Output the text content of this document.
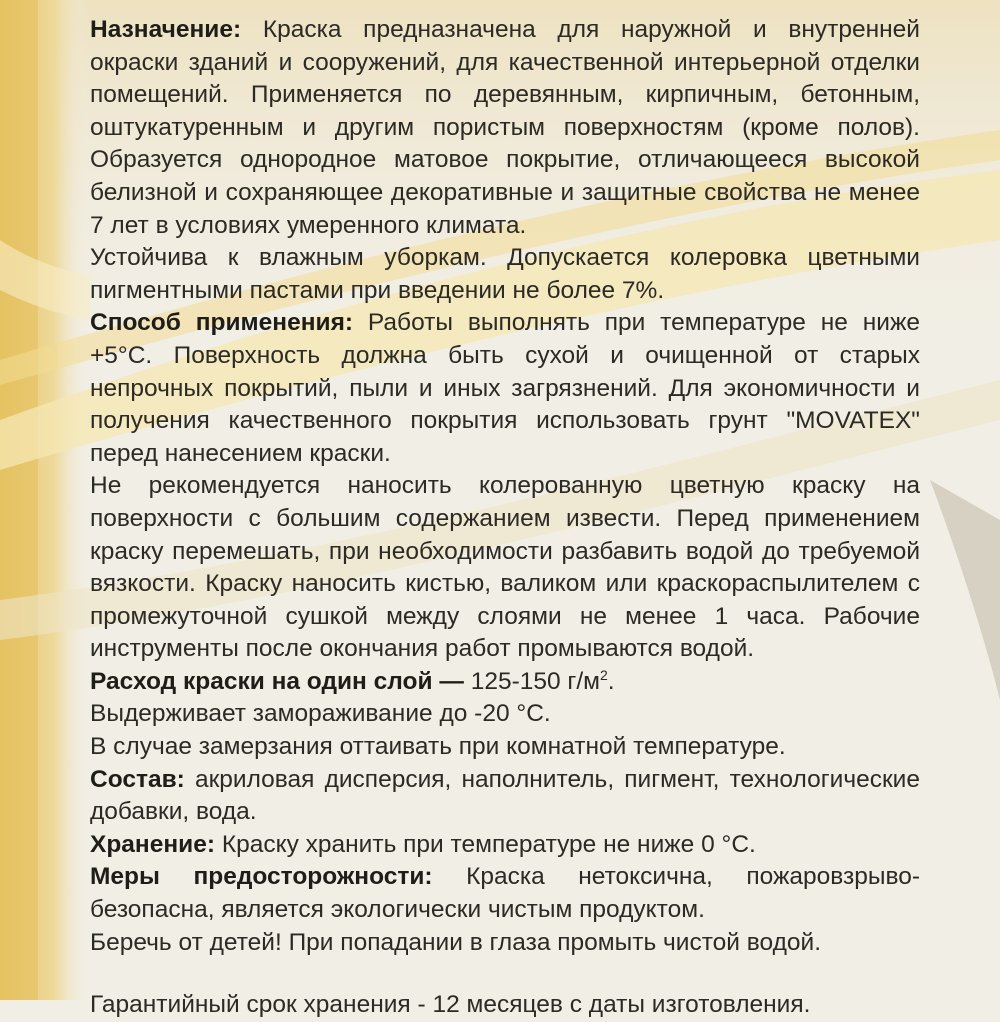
Назначение: Краска предназначена для наружной и внутренней окраски зданий и сооружений, для качественной интерьерной отделки помещений. Применяется по деревянным, кирпичным, бетонным, оштукатуренным и другим пористым поверхностям (кроме полов). Образуется однородное матовое покрытие, отличающееся высокой белизной и сохраняющее декоративные и защитные свойства не менее 7 лет в условиях умеренного климата.

Устойчива к влажным уборкам. Допускается колеровка цветными пигментными пастами при введении не более 7%.

Способ применения: Работы выполнять при температуре не ниже +5°С. Поверхность должна быть сухой и очищенной от старых непрочных покрытий, пыли и иных загрязнений. Для экономичности и получения качественного покрытия использовать грунт "MOVATEX" перед нанесением краски.

Не рекомендуется наносить колерованную цветную краску на поверхности с большим содержанием извести. Перед применением краску перемешать, при необходимости разбавить водой до требуемой вязкости. Краску наносить кистью, валиком или краскораспылителем с промежуточной сушкой между слоями не менее 1 часа. Рабочие инструменты после окончания работ промываются водой.

Расход краски на один слой — 125-150 $г/м^2$.

Выдерживает замораживание до -20 °С.

В случае замерзания оттаивать при комнатной температуре.

Состав: акриловая дисперсия, наполнитель, пигмент, технологические добавки, вода.

Хранение: Краску хранить при температуре не ниже 0 °С.

Меры предосторожности: Краска нетоксична, пожаровзрыво-безопасна, является экологически чистым продуктом.

Беречь от детей! При попадании в глаза промыть чистой водой.

Гарантийный срок хранения - 12 месяцев с даты изготовления.
